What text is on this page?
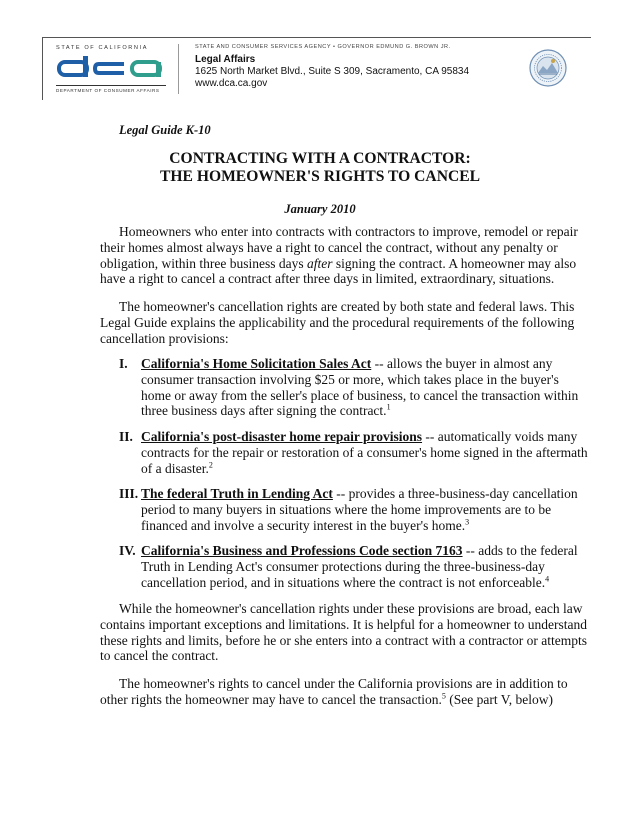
STATE OF CALIFORNIA
DEPARTMENT OF CONSUMER AFFAIRS
STATE AND CONSUMER SERVICES AGENCY • GOVERNOR EDMUND G. BROWN JR.
Legal Affairs
1625 North Market Blvd., Suite S 309, Sacramento, CA 95834
www.dca.ca.gov
Legal Guide K-10
CONTRACTING WITH A CONTRACTOR:
THE HOMEOWNER'S RIGHTS TO CANCEL
January 2010
Homeowners who enter into contracts with contractors to improve, remodel or repair their homes almost always have a right to cancel the contract, without any penalty or obligation, within three business days after signing the contract. A homeowner may also have a right to cancel a contract after three days in limited, extraordinary, situations.
The homeowner's cancellation rights are created by both state and federal laws. This Legal Guide explains the applicability and the procedural requirements of the following cancellation provisions:
I. California's Home Solicitation Sales Act -- allows the buyer in almost any consumer transaction involving $25 or more, which takes place in the buyer's home or away from the seller's place of business, to cancel the transaction within three business days after signing the contract.$^1$
II. California's post-disaster home repair provisions -- automatically voids many contracts for the repair or restoration of a consumer's home signed in the aftermath of a disaster.$^2$
III. The federal Truth in Lending Act -- provides a three-business-day cancellation period to many buyers in situations where the home improvements are to be financed and involve a security interest in the buyer's home.$^3$
IV. California's Business and Professions Code section 7163 -- adds to the federal Truth in Lending Act's consumer protections during the three-business-day cancellation period, and in situations where the contract is not enforceable.$^4$
While the homeowner's cancellation rights under these provisions are broad, each law contains important exceptions and limitations. It is helpful for a homeowner to understand these rights and limits, before he or she enters into a contract with a contractor or attempts to cancel the contract.
The homeowner's rights to cancel under the California provisions are in addition to other rights the homeowner may have to cancel the transaction.$^5$ (See part V, below)
